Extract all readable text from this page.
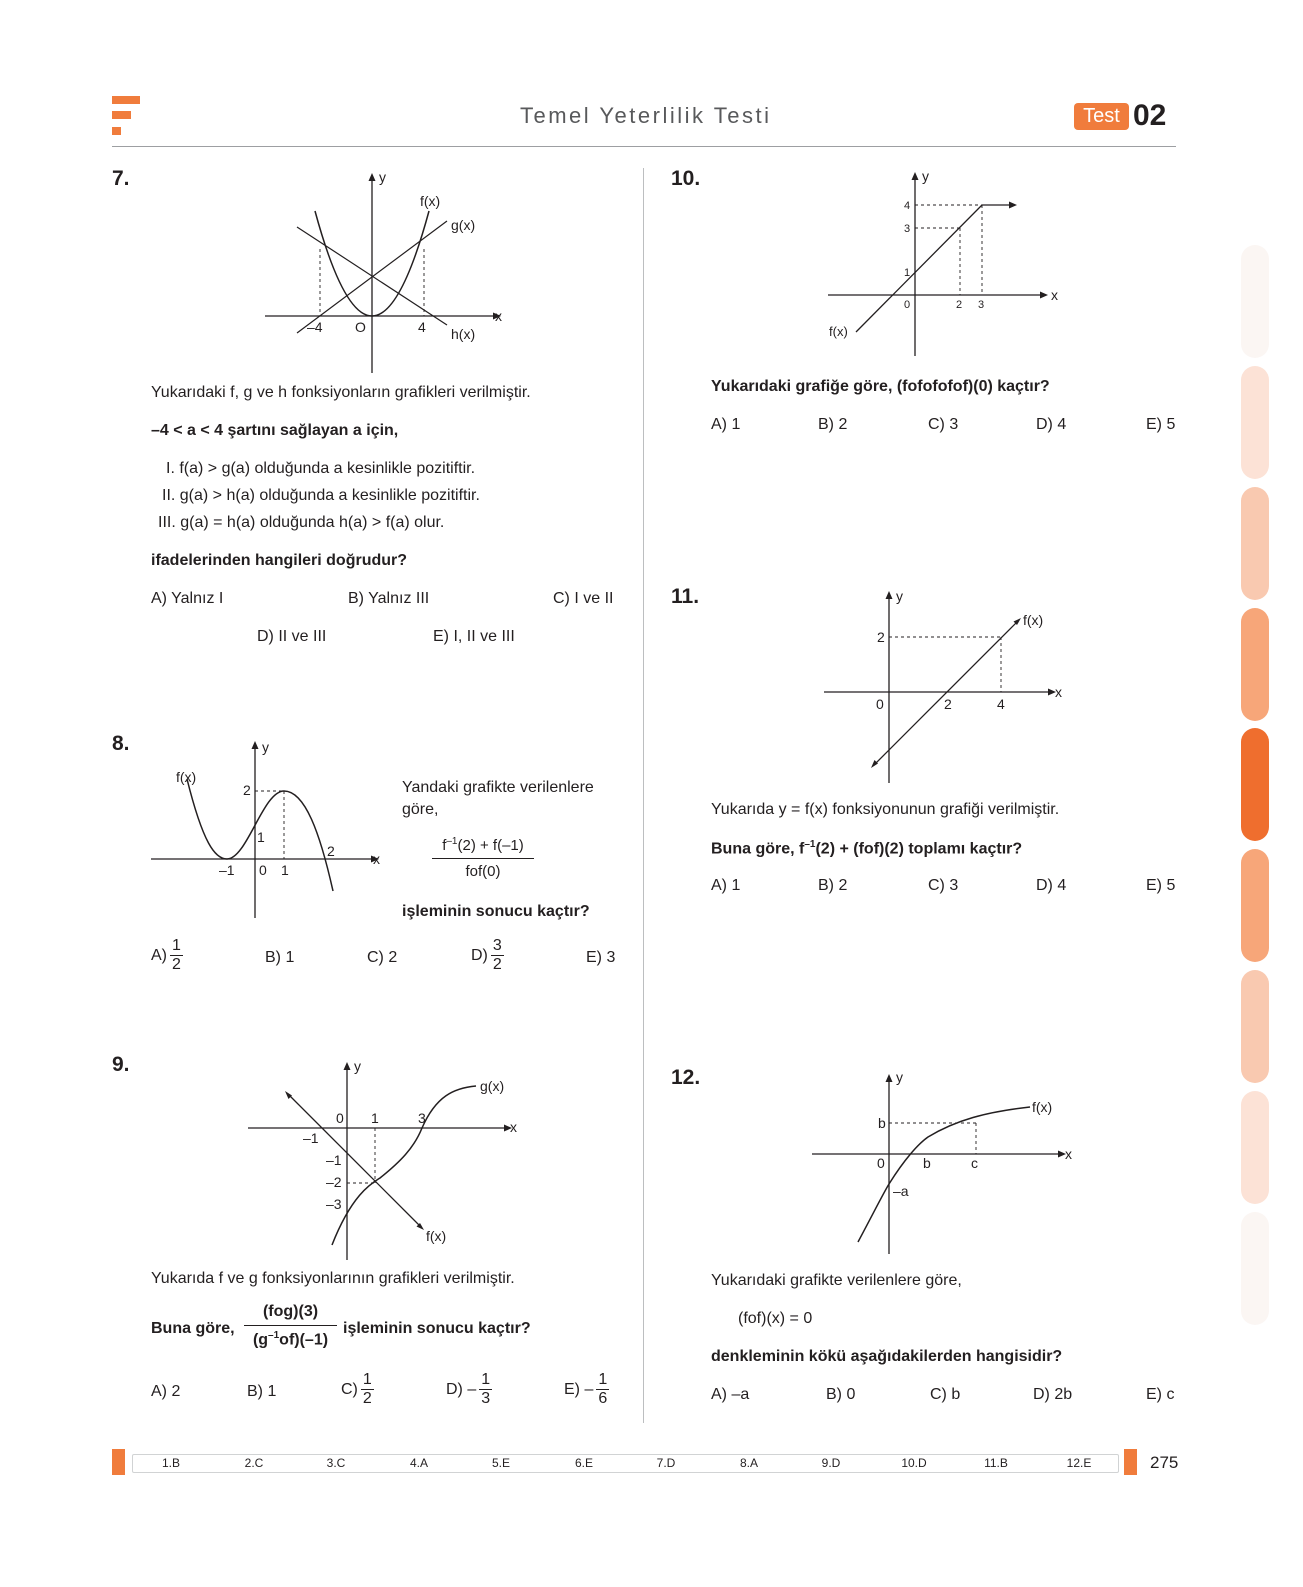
Temel Yeterlilik Testi	Test 02
7.	y
x
f(x)
g(x)
h(x)
–4 O	4
Yukarıdaki f, g ve h fonksiyonların grafikleri verilmiştir.
–4 < a < 4 şartını sağlayan a için,
I. f(a) > g(a) olduğunda a kesinlikle pozitiftir.
II. g(a) > h(a) olduğunda a kesinlikle pozitiftir.
III. g(a) = h(a) olduğunda h(a) > f(a) olur.
ifadelerinden hangileri doğrudur?
A) Yalnız I	B) Yalnız III	C) I ve II
D) II ve III	E) I, II ve III
8.	y
x
f(x)
2
1
–1 0 1
2
Yandaki grafikte verilenlere göre,
$f^{-1}(2) + f(-1)$
fof(0)
işleminin sonucu kaçtır?
$A) \frac{1}{2}$	B) 1	C) 2	$D) \frac{3}{2}$	E) 3
9.	y
x
g(x)
f(x)
0 1	3
–1
–1
–2
–3
Yukarıda f ve g fonksiyonlarının grafikleri verilmiştir.
Buna göre,
(fog)(3)
$(g^{-1}of)(-1)$
işleminin sonucu kaçtır?
A) 2	B) 1	$C) \frac{1}{2}$	$D) - \frac{1}{3}$	$E) - \frac{1}{6}$
10.	y
x
f(x)
4
3
1
0	2 3
Yukarıdaki grafiğe göre, (fofofofof)(0) kaçtır?
A) 1	B) 2	C) 3	D) 4	E) 5
11.	y
x
f(x)
2
0	2	4
Yukarıda y = f(x) fonksiyonunun grafiği verilmiştir.
Buna göre, $f^{-1}(2) + (fof)(2)$ toplamı kaçtır?
A) 1	B) 2	C) 3	D) 4	E) 5
12.	y
x
f(x)
b
0	b	c
–a
Yukarıdaki grafikte verilenlere göre,
(fof)(x) = 0
denkleminin kökü aşağıdakilerden hangisidir?
A) –a	B) 0	C) b	D) 2b	E) c
1.B	2.C	3.C	4.A	5.E	6.E	7.D	8.A	9.D	10.D	11.B	12.E	275
